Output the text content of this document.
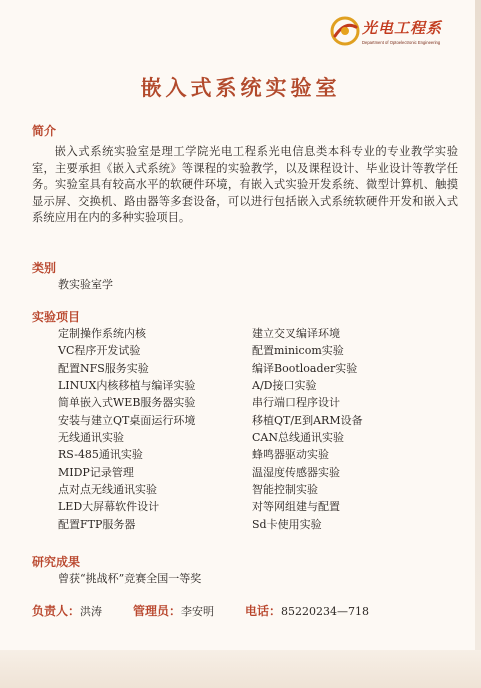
光电工程系
Department of Optoelectronic Engineering
嵌入式系统实验室
简介
嵌入式系统实验室是理工学院光电工程系光电信息类本科专业的专业教学实验室，主要承担《嵌入式系统》等课程的实验教学，以及课程设计、毕业设计等教学任务。实验室具有较高水平的软硬件环境，有嵌入式实验开发系统、微型计算机、触摸显示屏、交换机、路由器等多套设备，可以进行包括嵌入式系统软硬件开发和嵌入式系统应用在内的多种实验项目。
类别
教实验室学
实验项目
定制操作系统内核
VC程序开发试验
配置NFS服务实验
LINUX内核移植与编译实验
简单嵌入式WEB服务器实验
安装与建立QT桌面运行环境
无线通讯实验
RS-485通讯实验
MIDP记录管理
点对点无线通讯实验
LED大屏幕软件设计
配置FTP服务器
建立交叉编译环境
配置minicom实验
编译Bootloader实验
A/D接口实验
串行端口程序设计
移植QT/E到ARM设备
CAN总线通讯实验
蜂鸣器驱动实验
温湿度传感器实验
智能控制实验
对等网组建与配置
Sd卡使用实验
研究成果
曾获“挑战杯”竞赛全国一等奖
负责人：洪涛	管理员：李安明	电话：85220234—718
